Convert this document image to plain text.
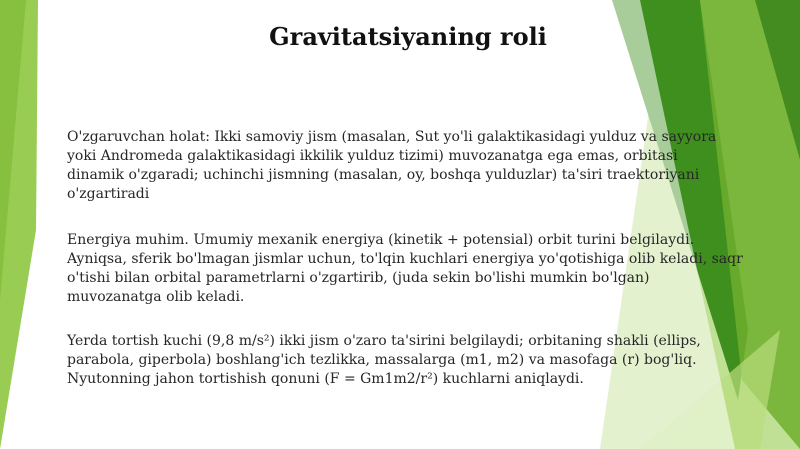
Gravitatsiyaning roli

O'zgaruvchan holat: Ikki samoviy jism (masalan, Sut yo'li galaktikasidagi yulduz va sayyora
yoki Andromeda galaktikasidagi ikkilik yulduz tizimi) muvozanatga ega emas, orbitasi
dinamik o'zgaradi; uchinchi jismning (masalan, oy, boshqa yulduzlar) ta'siri traektoriyani
o'zgartiradi

Energiya muhim. Umumiy mexanik energiya (kinetik + potensial) orbit turini belgilaydi.
Ayniqsa, sferik bo'lmagan jismlar uchun, to'lqin kuchlari energiya yo'qotishiga olib keladi, saqr
o'tishi bilan orbital parametrlarni o'zgartirib, (juda sekin bo'lishi mumkin bo'lgan)
muvozanatga olib keladi.

Yerda tortish kuchi (9,8 m/s²) ikki jism o'zaro ta'sirini belgilaydi; orbitaning shakli (ellips,
parabola, giperbola) boshlang'ich tezlikka, massalarga (m1, m2) va masofaga (r) bog'liq.
Nyutonning jahon tortishish qonuni (F = Gm1m2/r²) kuchlarni aniqlaydi.
